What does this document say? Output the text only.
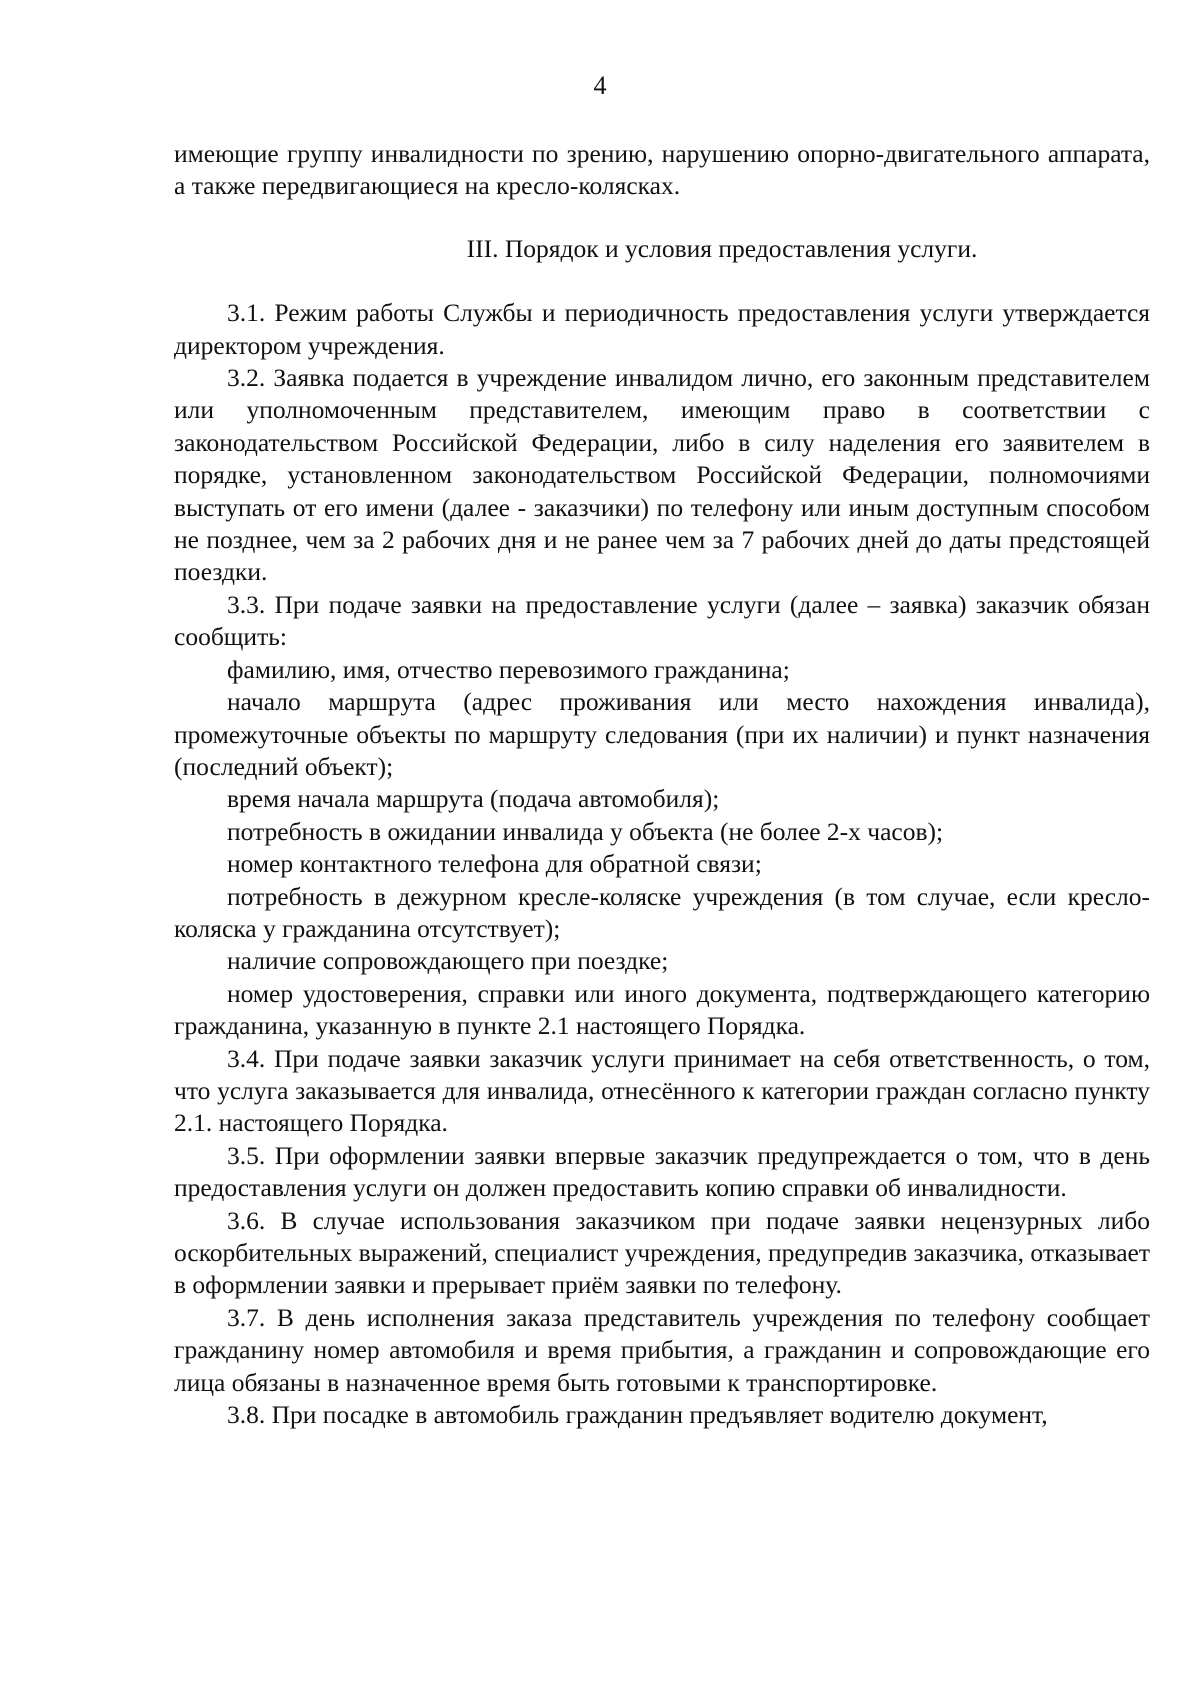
4

имеющие группу инвалидности по зрению, нарушению опорно-двигательного аппарата, а также передвигающиеся на кресло-колясках.

III. Порядок и условия предоставления услуги.

3.1. Режим работы Службы и периодичность предоставления услуги утверждается директором учреждения.

3.2. Заявка подается в учреждение инвалидом лично, его законным представителем или уполномоченным представителем, имеющим право в соответствии с законодательством Российской Федерации, либо в силу наделения его заявителем в порядке, установленном законодательством Российской Федерации, полномочиями выступать от его имени (далее - заказчики) по телефону или иным доступным способом не позднее, чем за 2 рабочих дня и не ранее чем за 7 рабочих дней до даты предстоящей поездки.

3.3. При подаче заявки на предоставление услуги (далее – заявка) заказчик обязан сообщить:

фамилию, имя, отчество перевозимого гражданина;

начало маршрута (адрес проживания или место нахождения инвалида), промежуточные объекты по маршруту следования (при их наличии) и пункт назначения (последний объект);

время начала маршрута (подача автомобиля);

потребность в ожидании инвалида у объекта (не более 2-х часов);

номер контактного телефона для обратной связи;

потребность в дежурном кресле-коляске учреждения (в том случае, если кресло-коляска у гражданина отсутствует);

наличие сопровождающего при поездке;

номер удостоверения, справки или иного документа, подтверждающего категорию гражданина, указанную в пункте 2.1 настоящего Порядка.

3.4. При подаче заявки заказчик услуги принимает на себя ответственность, о том, что услуга заказывается для инвалида, отнесённого к категории граждан согласно пункту 2.1. настоящего Порядка.

3.5. При оформлении заявки впервые заказчик предупреждается о том, что в день предоставления услуги он должен предоставить копию справки об инвалидности.

3.6. В случае использования заказчиком при подаче заявки нецензурных либо оскорбительных выражений, специалист учреждения, предупредив заказчика, отказывает в оформлении заявки и прерывает приём заявки по телефону.

3.7. В день исполнения заказа представитель учреждения по телефону сообщает гражданину номер автомобиля и время прибытия, а гражданин и сопровождающие его лица обязаны в назначенное время быть готовыми к транспортировке.

3.8. При посадке в автомобиль гражданин предъявляет водителю документ,
